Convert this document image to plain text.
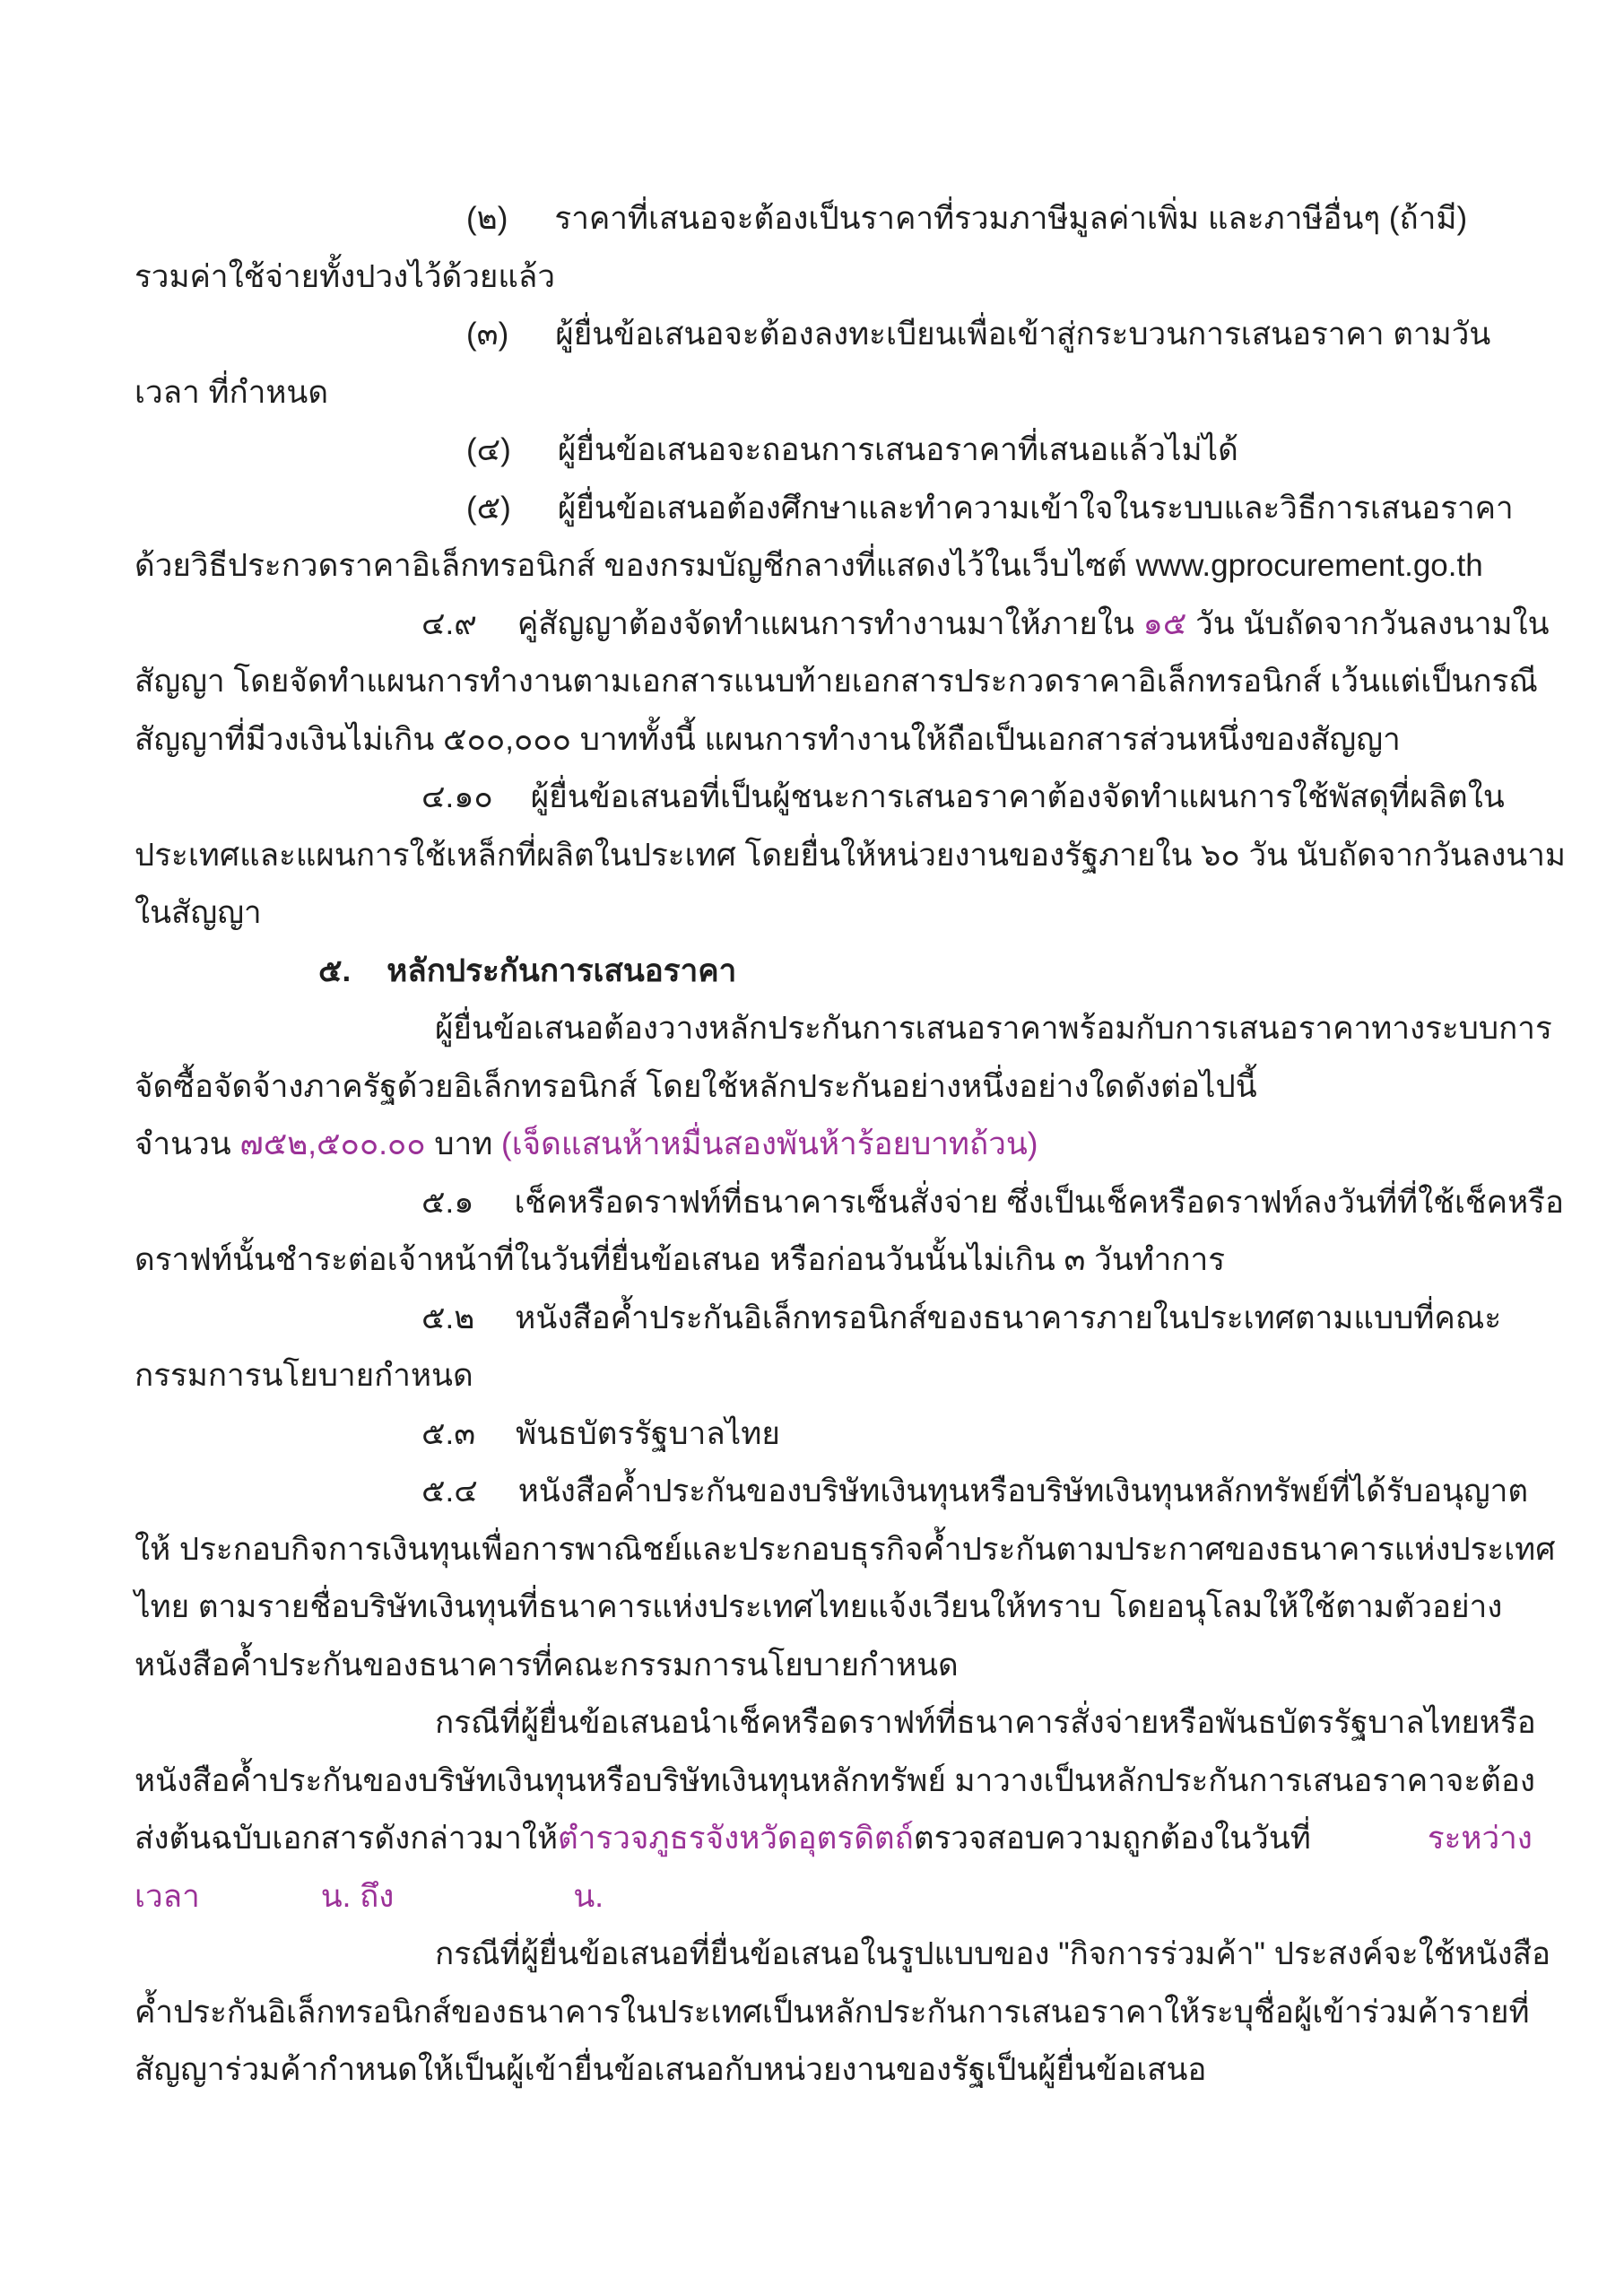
(๒) ราคาที่เสนอจะต้องเป็นราคาที่รวมภาษีมูลค่าเพิ่ม และภาษีอื่นๆ (ถ้ามี)
รวมค่าใช้จ่ายทั้งปวงไว้ด้วยแล้ว
(๓) ผู้ยื่นข้อเสนอจะต้องลงทะเบียนเพื่อเข้าสู่กระบวนการเสนอราคา ตามวัน
เวลา ที่กำหนด
(๔) ผู้ยื่นข้อเสนอจะถอนการเสนอราคาที่เสนอแล้วไม่ได้
(๕) ผู้ยื่นข้อเสนอต้องศึกษาและทำความเข้าใจในระบบและวิธีการเสนอราคา
ด้วยวิธีประกวดราคาอิเล็กทรอนิกส์ ของกรมบัญชีกลางที่แสดงไว้ในเว็บไซต์ www.gprocurement.go.th
๔.๙ คู่สัญญาต้องจัดทำแผนการทำงานมาให้ภายใน ๑๕ วัน นับถัดจากวันลงนามใน
สัญญา โดยจัดทำแผนการทำงานตามเอกสารแนบท้ายเอกสารประกวดราคาอิเล็กทรอนิกส์ เว้นแต่เป็นกรณี
สัญญาที่มีวงเงินไม่เกิน ๕๐๐,๐๐๐ บาททั้งนี้ แผนการทำงานให้ถือเป็นเอกสารส่วนหนึ่งของสัญญา
๔.๑๐ ผู้ยื่นข้อเสนอที่เป็นผู้ชนะการเสนอราคาต้องจัดทำแผนการใช้พัสดุที่ผลิตใน
ประเทศและแผนการใช้เหล็กที่ผลิตในประเทศ โดยยื่นให้หน่วยงานของรัฐภายใน ๖๐ วัน นับถัดจากวันลงนาม
ในสัญญา
๕. หลักประกันการเสนอราคา
ผู้ยื่นข้อเสนอต้องวางหลักประกันการเสนอราคาพร้อมกับการเสนอราคาทางระบบการ
จัดซื้อจัดจ้างภาครัฐด้วยอิเล็กทรอนิกส์ โดยใช้หลักประกันอย่างหนึ่งอย่างใดดังต่อไปนี้
จำนวน ๗๕๒,๕๐๐.๐๐ บาท (เจ็ดแสนห้าหมื่นสองพันห้าร้อยบาทถ้วน)
๕.๑ เช็คหรือดราฟท์ที่ธนาคารเซ็นสั่งจ่าย ซึ่งเป็นเช็คหรือดราฟท์ลงวันที่ที่ใช้เช็คหรือ
ดราฟท์นั้นชำระต่อเจ้าหน้าที่ในวันที่ยื่นข้อเสนอ หรือก่อนวันนั้นไม่เกิน ๓ วันทำการ
๕.๒ หนังสือค้ำประกันอิเล็กทรอนิกส์ของธนาคารภายในประเทศตามแบบที่คณะ
กรรมการนโยบายกำหนด
๕.๓ พันธบัตรรัฐบาลไทย
๕.๔ หนังสือค้ำประกันของบริษัทเงินทุนหรือบริษัทเงินทุนหลักทรัพย์ที่ได้รับอนุญาต
ให้ ประกอบกิจการเงินทุนเพื่อการพาณิชย์และประกอบธุรกิจค้ำประกันตามประกาศของธนาคารแห่งประเทศ
ไทย ตามรายชื่อบริษัทเงินทุนที่ธนาคารแห่งประเทศไทยแจ้งเวียนให้ทราบ โดยอนุโลมให้ใช้ตามตัวอย่าง
หนังสือค้ำประกันของธนาคารที่คณะกรรมการนโยบายกำหนด
กรณีที่ผู้ยื่นข้อเสนอนำเช็คหรือดราฟท์ที่ธนาคารสั่งจ่ายหรือพันธบัตรรัฐบาลไทยหรือ
หนังสือค้ำประกันของบริษัทเงินทุนหรือบริษัทเงินทุนหลักทรัพย์ มาวางเป็นหลักประกันการเสนอราคาจะต้อง
ส่งต้นฉบับเอกสารดังกล่าวมาให้ตำรวจภูธรจังหวัดอุตรดิตถ์ตรวจสอบความถูกต้องในวันที่	ระหว่าง
เวลา	น. ถึง	น.
กรณีที่ผู้ยื่นข้อเสนอที่ยื่นข้อเสนอในรูปแบบของ "กิจการร่วมค้า" ประสงค์จะใช้หนังสือ
ค้ำประกันอิเล็กทรอนิกส์ของธนาคารในประเทศเป็นหลักประกันการเสนอราคาให้ระบุชื่อผู้เข้าร่วมค้ารายที่
สัญญาร่วมค้ากำหนดให้เป็นผู้เข้ายื่นข้อเสนอกับหน่วยงานของรัฐเป็นผู้ยื่นข้อเสนอ
